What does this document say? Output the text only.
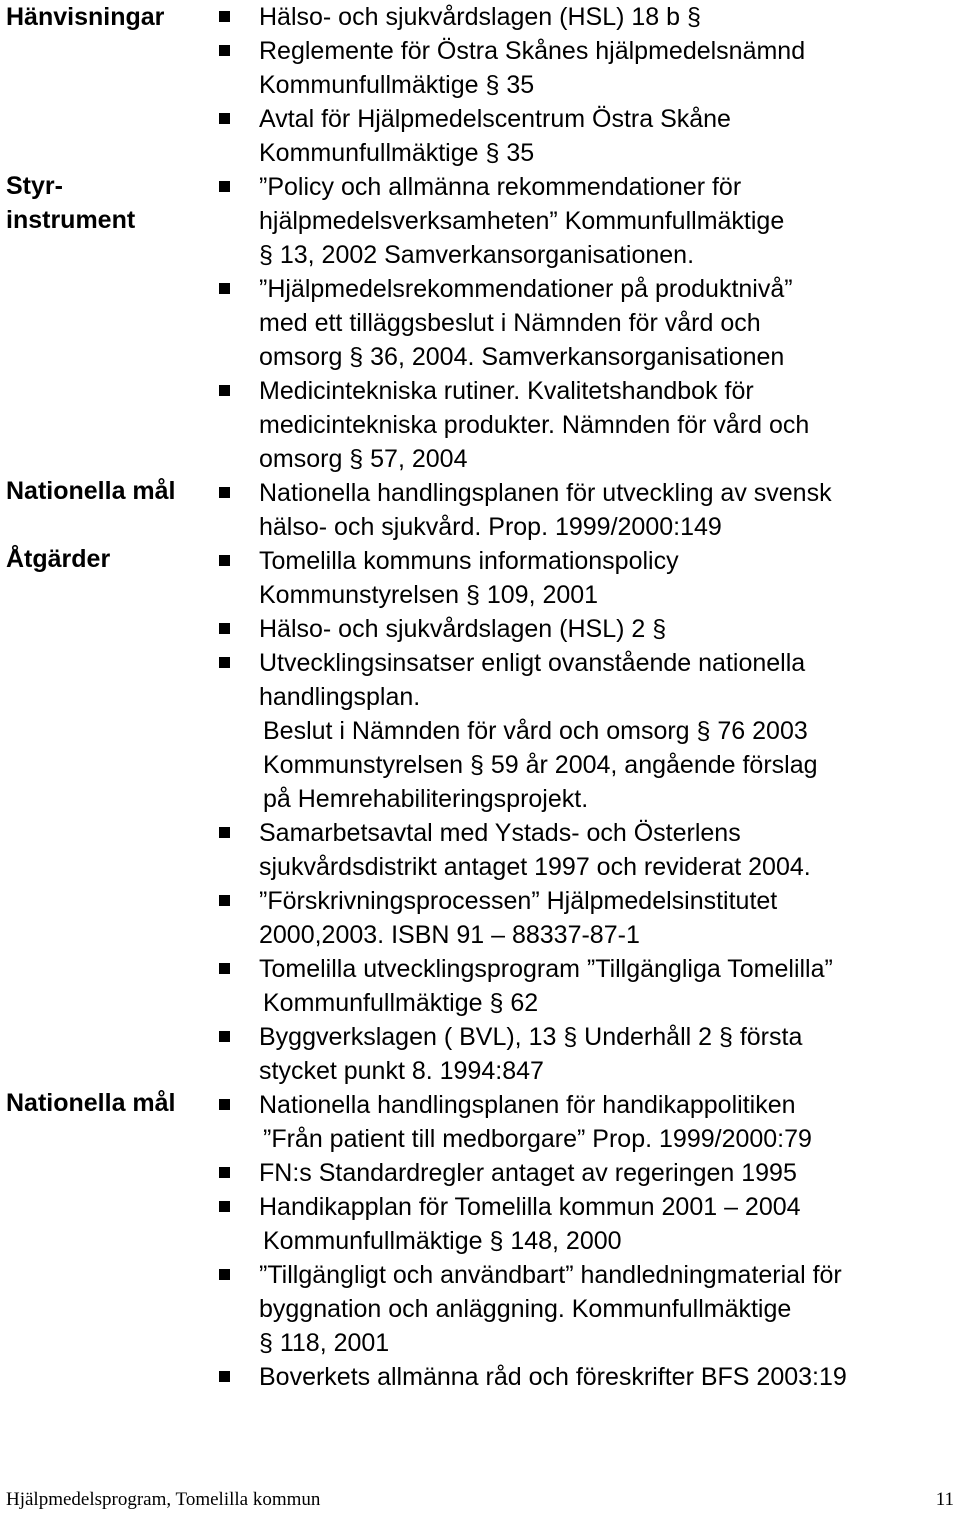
Hänvisningar
Styr-
instrument
Nationella mål
Åtgärder
Nationella mål
Hälso- och sjukvårdslagen (HSL) 18 b §
Reglemente för Östra Skånes hjälpmedelsnämnd
Kommunfullmäktige § 35
Avtal för Hjälpmedelscentrum Östra Skåne
Kommunfullmäktige § 35
”Policy och allmänna rekommendationer för
hjälpmedelsverksamheten” Kommunfullmäktige
§ 13, 2002 Samverkansorganisationen.
”Hjälpmedelsrekommendationer på produktnivå”
med ett tilläggsbeslut i Nämnden för vård och
omsorg § 36, 2004. Samverkansorganisationen
Medicintekniska rutiner. Kvalitetshandbok för
medicintekniska produkter. Nämnden för vård och
omsorg § 57, 2004
Nationella handlingsplanen för utveckling av svensk
hälso- och sjukvård. Prop. 1999/2000:149
Tomelilla kommuns informationspolicy
Kommunstyrelsen § 109, 2001
Hälso- och sjukvårdslagen (HSL) 2 §
Utvecklingsinsatser enligt ovanstående nationella
handlingsplan.
Beslut i Nämnden för vård och omsorg § 76 2003
Kommunstyrelsen § 59 år 2004, angående förslag
på Hemrehabiliteringsprojekt.
Samarbetsavtal med Ystads- och Österlens
sjukvårdsdistrikt antaget 1997 och reviderat 2004.
”Förskrivningsprocessen” Hjälpmedelsinstitutet
2000,2003. ISBN 91 – 88337-87-1
Tomelilla utvecklingsprogram ”Tillgängliga Tomelilla”
Kommunfullmäktige § 62
Byggverkslagen ( BVL), 13 § Underhåll 2 § första
stycket punkt 8. 1994:847
Nationella handlingsplanen för handikappolitiken
”Från patient till medborgare” Prop. 1999/2000:79
FN:s Standardregler antaget av regeringen 1995
Handikapplan för Tomelilla kommun 2001 – 2004
Kommunfullmäktige § 148, 2000
”Tillgängligt och användbart” handledningmaterial för
byggnation och anläggning. Kommunfullmäktige
§ 118, 2001
Boverkets allmänna råd och föreskrifter BFS 2003:19
Hjälpmedelsprogram, Tomelilla kommun	11
